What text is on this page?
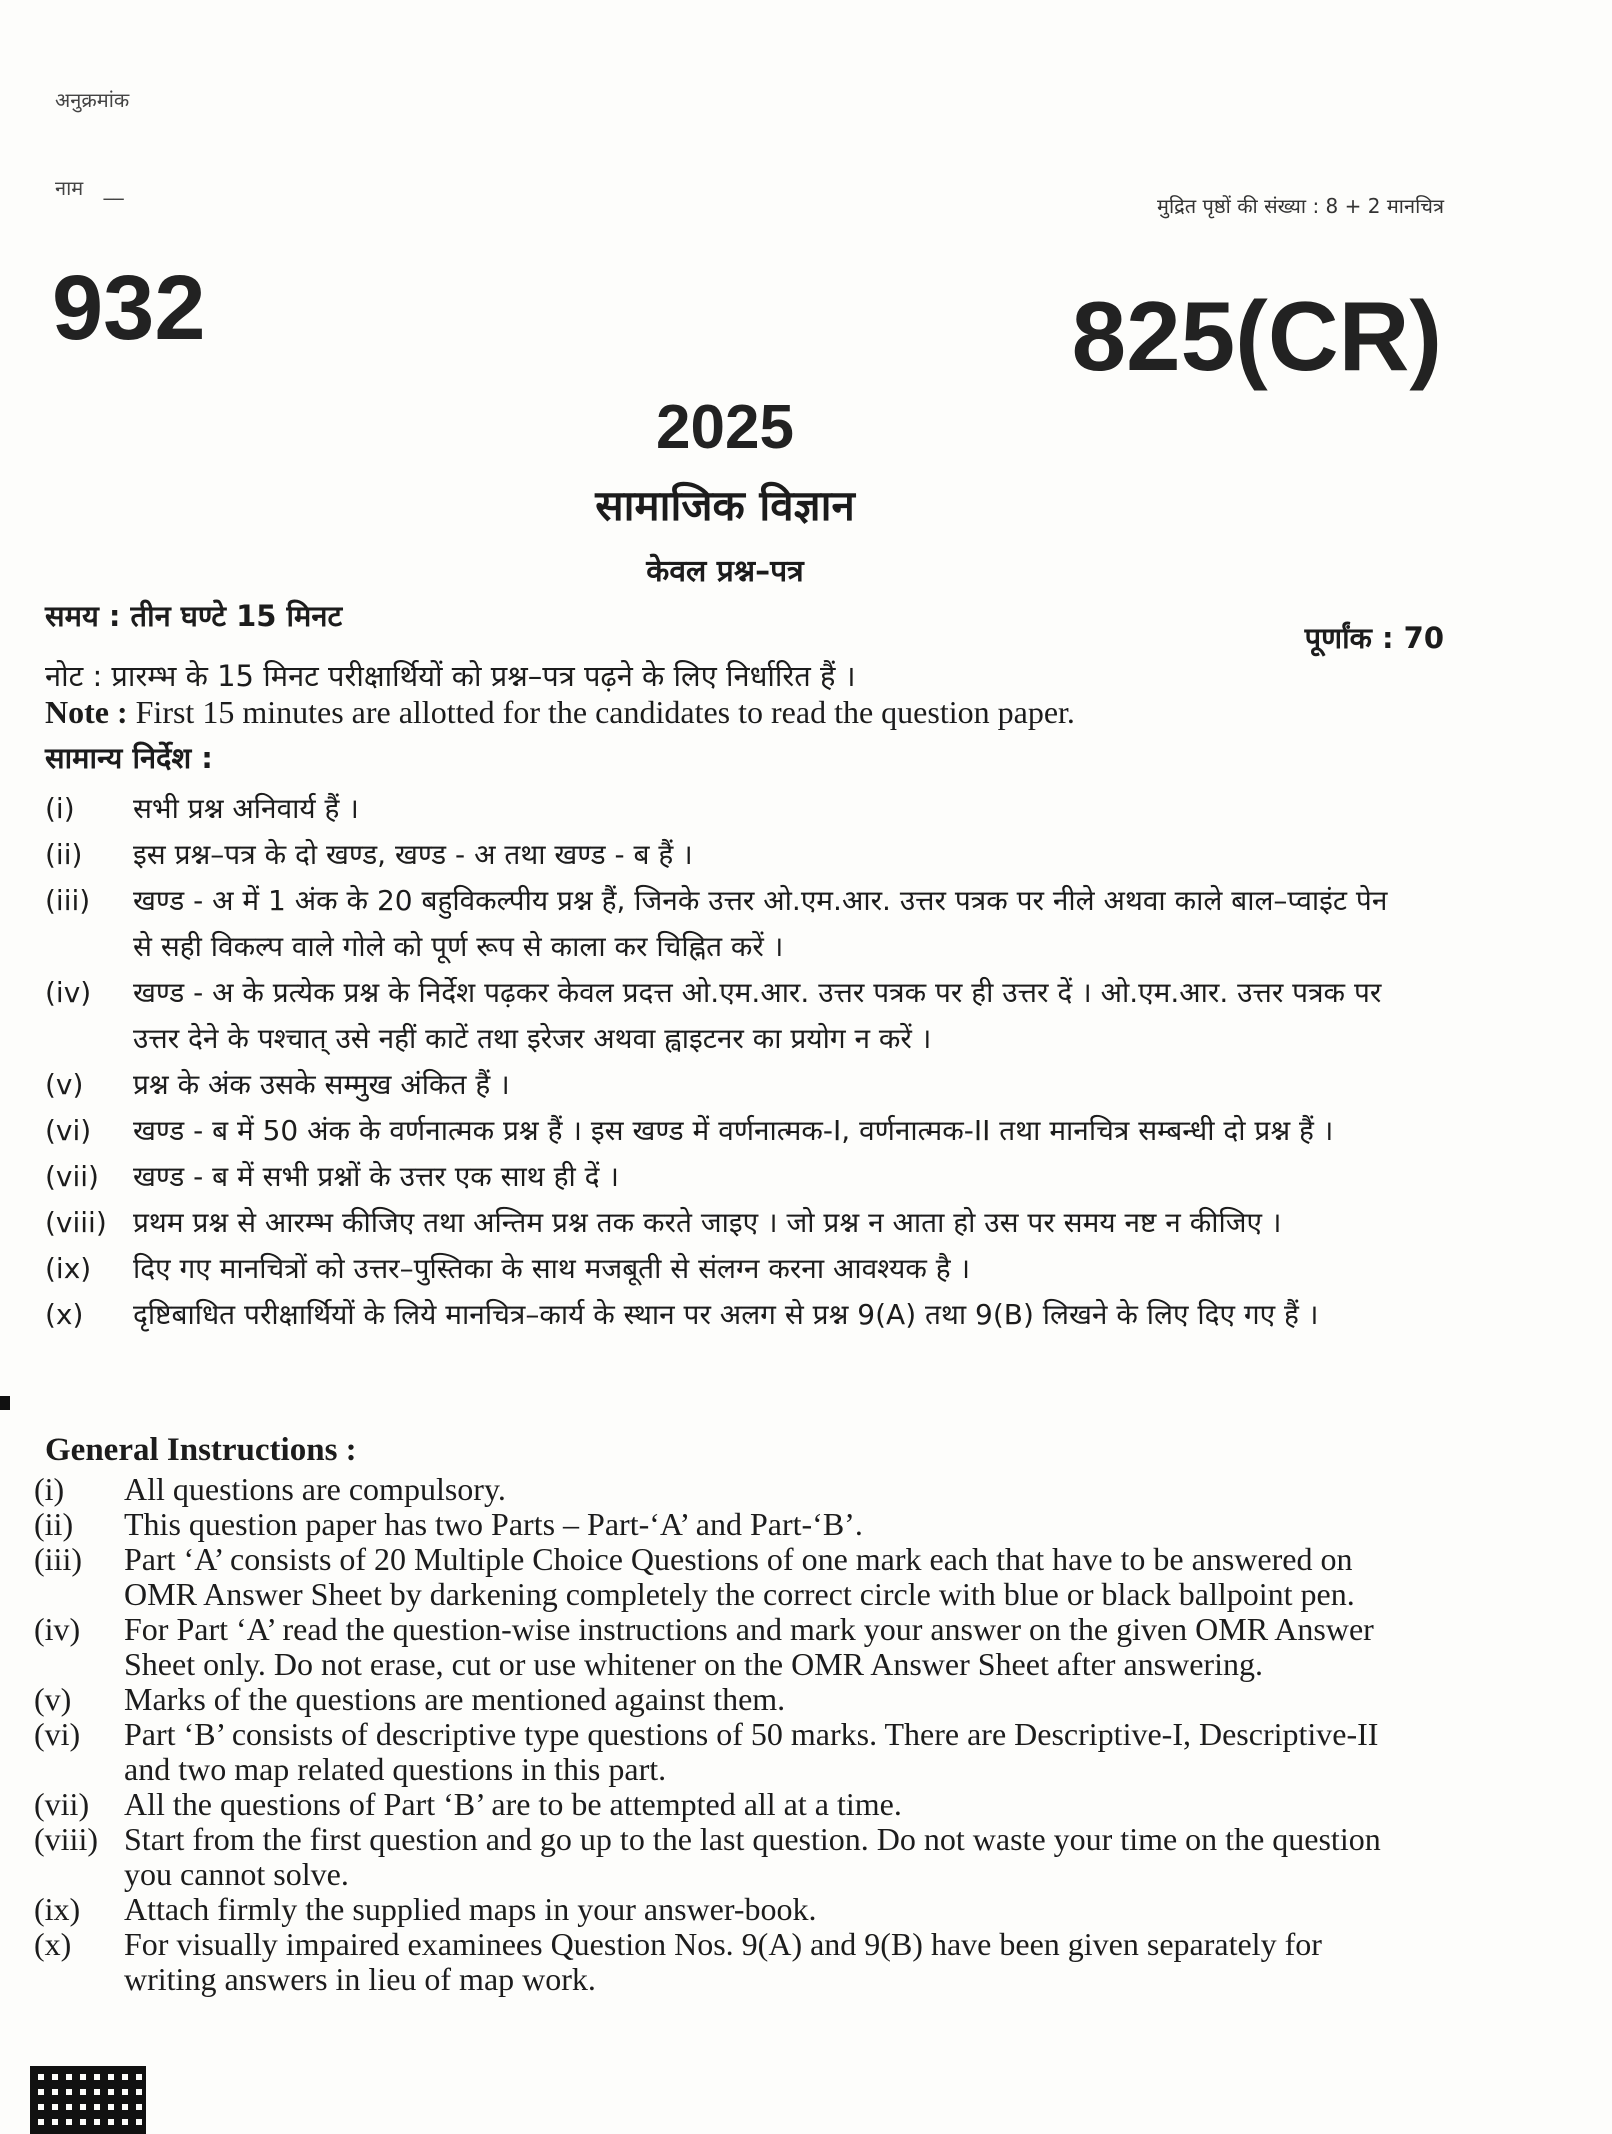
अनुक्रमांक
नाम __
मुद्रित पृष्ठों की संख्या : 8 + 2 मानचित्र
932	825(CR)
2025
सामाजिक विज्ञान
केवल प्रश्न–पत्र
समय : तीन घण्टे 15 मिनट
पूर्णांक : 70
नोट : प्रारम्भ के 15 मिनट परीक्षार्थियों को प्रश्न–पत्र पढ़ने के लिए निर्धारित हैं ।
Note : First 15 minutes are allotted for the candidates to read the question paper.
सामान्य निर्देश :
(i)	सभी प्रश्न अनिवार्य हैं ।
(ii)	इस प्रश्न–पत्र के दो खण्ड, खण्ड - अ तथा खण्ड - ब हैं ।
(iii)	खण्ड - अ में 1 अंक के 20 बहुविकल्पीय प्रश्न हैं, जिनके उत्तर ओ.एम.आर. उत्तर पत्रक पर नीले अथवा काले बाल–प्वाइंट पेन से सही विकल्प वाले गोले को पूर्ण रूप से काला कर चिह्नित करें ।
(iv)	खण्ड - अ के प्रत्येक प्रश्न के निर्देश पढ़कर केवल प्रदत्त ओ.एम.आर. उत्तर पत्रक पर ही उत्तर दें । ओ.एम.आर. उत्तर पत्रक पर उत्तर देने के पश्चात् उसे नहीं काटें तथा इरेजर अथवा ह्वाइटनर का प्रयोग न करें ।
(v)	प्रश्न के अंक उसके सम्मुख अंकित हैं ।
(vi)	खण्ड - ब में 50 अंक के वर्णनात्मक प्रश्न हैं । इस खण्ड में वर्णनात्मक-I, वर्णनात्मक-II तथा मानचित्र सम्बन्धी दो प्रश्न हैं ।
(vii)	खण्ड - ब में सभी प्रश्नों के उत्तर एक साथ ही दें ।
(viii) प्रथम प्रश्न से आरम्भ कीजिए तथा अन्तिम प्रश्न तक करते जाइए । जो प्रश्न न आता हो उस पर समय नष्ट न कीजिए ।
(ix)	दिए गए मानचित्रों को उत्तर–पुस्तिका के साथ मजबूती से संलग्न करना आवश्यक है ।
(x)	दृष्टिबाधित परीक्षार्थियों के लिये मानचित्र–कार्य के स्थान पर अलग से प्रश्न 9(A) तथा 9(B) लिखने के लिए दिए गए हैं ।
General Instructions :
(i)	All questions are compulsory.
(ii)	This question paper has two Parts – Part-‘A’ and Part-‘B’.
(iii)	Part ‘A’ consists of 20 Multiple Choice Questions of one mark each that have to be answered on OMR Answer Sheet by darkening completely the correct circle with blue or black ballpoint pen.
(iv)	For Part ‘A’ read the question-wise instructions and mark your answer on the given OMR Answer Sheet only. Do not erase, cut or use whitener on the OMR Answer Sheet after answering.
(v)	Marks of the questions are mentioned against them.
(vi)	Part ‘B’ consists of descriptive type questions of 50 marks. There are Descriptive-I, Descriptive-II and two map related questions in this part.
(vii)	All the questions of Part ‘B’ are to be attempted all at a time.
(viii) Start from the first question and go up to the last question. Do not waste your time on the question you cannot solve.
(ix)	Attach firmly the supplied maps in your answer-book.
(x)	For visually impaired examinees Question Nos. 9(A) and 9(B) have been given separately for writing answers in lieu of map work.
